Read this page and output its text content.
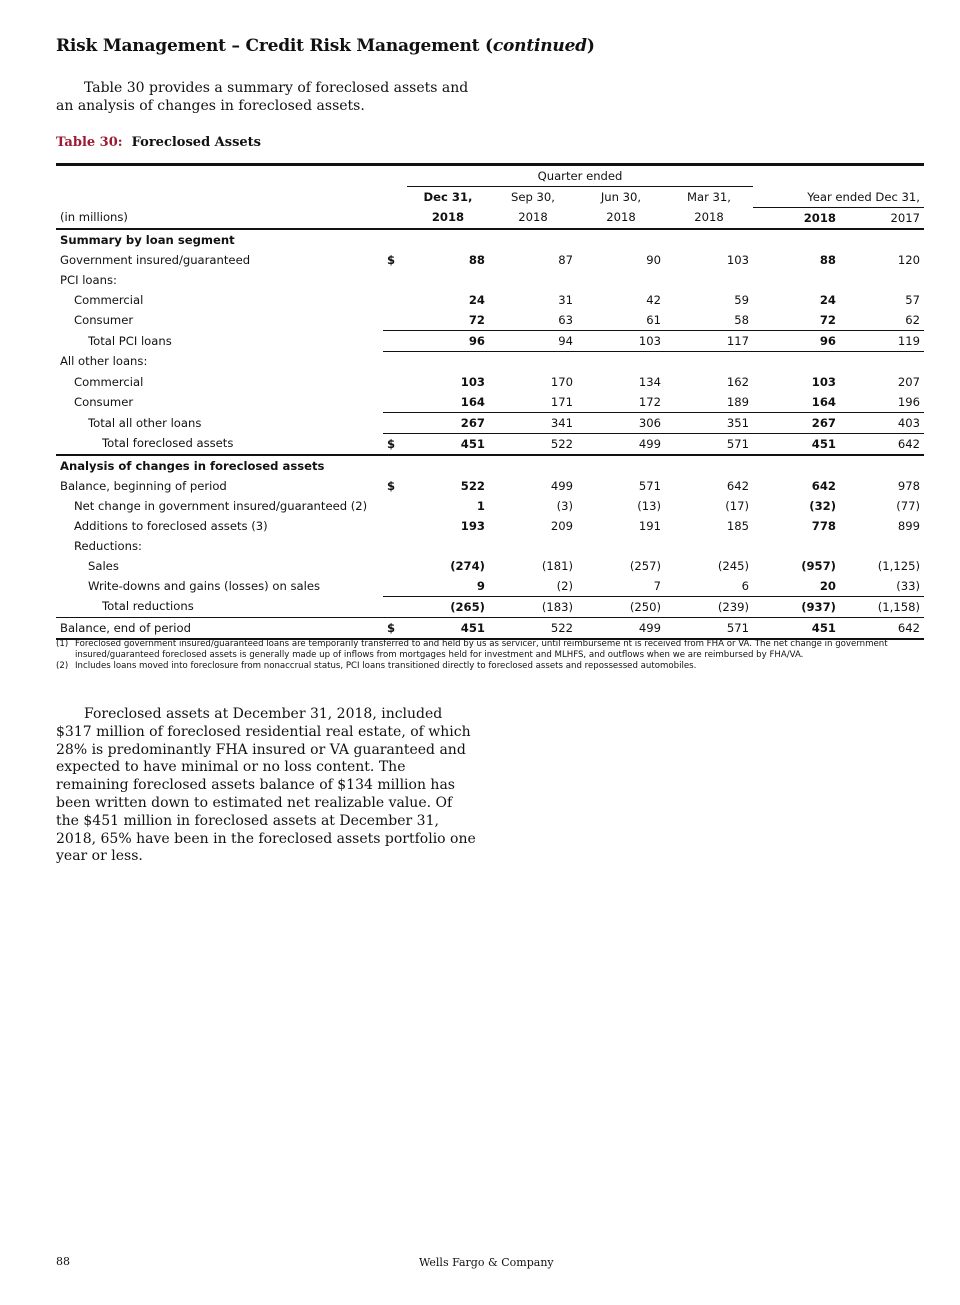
Risk Management – Credit Risk Management (continued)
Table 30 provides a summary of foreclosed assets and an analysis of changes in foreclosed assets.
Table 30: Foreclosed Assets
		Quarter ended					
		Dec 31,	Sep 30,	Jun 30,	Mar 31,	Year ended Dec 31,	
(in millions)		2018	2018	2018	2018	2018	2017
Summary by loan segment							
Government insured/guaranteed	$	88	87	90	103	88	120
PCI loans:							
Commercial		24	31	42	59	24	57
Consumer		72	63	61	58	72	62
Total PCI loans		96	94	103	117	96	119
All other loans:							
Commercial		103	170	134	162	103	207
Consumer		164	171	172	189	164	196
Total all other loans		267	341	306	351	267	403
Total foreclosed assets	$	451	522	499	571	451	642
Analysis of changes in foreclosed assets							
Balance, beginning of period	$	522	499	571	642	642	978
Net change in government insured/guaranteed (2)		1	(3)	(13)	(17)	(32)	(77)
Additions to foreclosed assets (3)		193	209	191	185	778	899
Reductions:							
Sales		(274)	(181)	(257)	(245)	(957)	(1,125)
Write-downs and gains (losses) on sales		9	(2)	7	6	20	(33)
Total reductions		(265)	(183)	(250)	(239)	(937)	(1,158)
Balance, end of period	$	451	522	499	571	451	642
(1) Foreclosed government insured/guaranteed loans are temporarily transferred to and held by us as servicer, until reimburseme nt is received from FHA or VA. The net change in government insured/guaranteed foreclosed assets is generally made up of inflows from mortgages held for investment and MLHFS, and outflows when we are reimbursed by FHA/VA.
(2) Includes loans moved into foreclosure from nonaccrual status, PCI loans transitioned directly to foreclosed assets and repossessed automobiles.
Foreclosed assets at December 31, 2018, included $317 million of foreclosed residential real estate, of which 28% is predominantly FHA insured or VA guaranteed and expected to have minimal or no loss content. The remaining foreclosed assets balance of $134 million has been written down to estimated net realizable value. Of the $451 million in foreclosed assets at December 31, 2018, 65% have been in the foreclosed assets portfolio one year or less.
88	Wells Fargo & Company
